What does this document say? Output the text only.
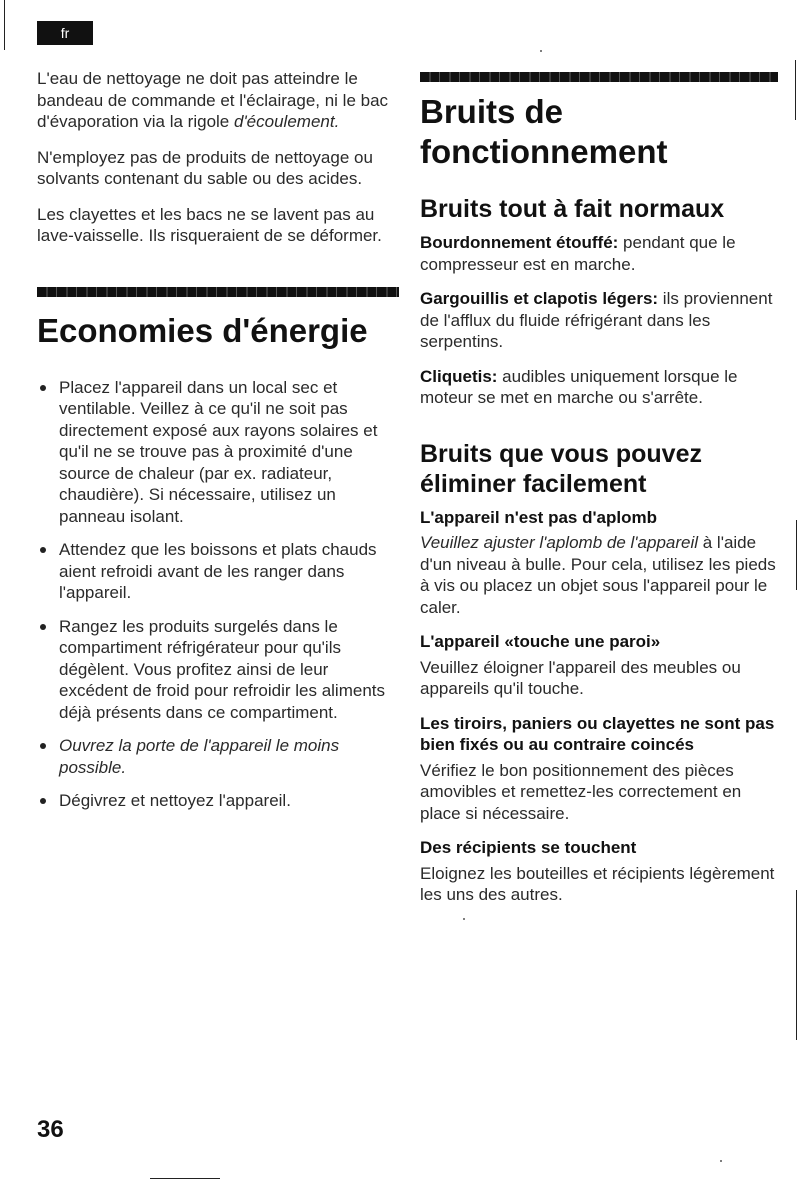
fr

L'eau de nettoyage ne doit pas atteindre le bandeau de commande et l'éclairage, ni le bac d'évaporation via la rigole d'écoulement.

N'employez pas de produits de nettoyage ou solvants contenant du sable ou des acides.

Les clayettes et les bacs ne se lavent pas au lave-vaisselle. Ils risqueraient de se déformer.

Economies d'énergie
Placez l'appareil dans un local sec et ventilable. Veillez à ce qu'il ne soit pas directement exposé aux rayons solaires et qu'il ne se trouve pas à proximité d'une source de chaleur (par ex. radiateur, chaudière). Si nécessaire, utilisez un panneau isolant.
Attendez que les boissons et plats chauds aient refroidi avant de les ranger dans l'appareil.
Rangez les produits surgelés dans le compartiment réfrigérateur pour qu'ils dégèlent. Vous profitez ainsi de leur excédent de froid pour refroidir les aliments déjà présents dans ce compartiment.
Ouvrez la porte de l'appareil le moins possible.
Dégivrez et nettoyez l'appareil.
Bruits de
fonctionnement
Bruits tout à fait normaux
Bourdonnement étouffé: pendant que le compresseur est en marche.
Gargouillis et clapotis légers: ils proviennent de l'afflux du fluide réfrigérant dans les serpentins.
Cliquetis: audibles uniquement lorsque le moteur se met en marche ou s'arrête.
Bruits que vous pouvez
éliminer facilement
L'appareil n'est pas d'aplomb
Veuillez ajuster l'aplomb de l'appareil à l'aide d'un niveau à bulle. Pour cela, utilisez les pieds à vis ou placez un objet sous l'appareil pour le caler.
L'appareil «touche une paroi»
Veuillez éloigner l'appareil des meubles ou appareils qu'il touche.
Les tiroirs, paniers ou clayettes ne sont pas bien fixés ou au contraire coincés
Vérifiez le bon positionnement des pièces amovibles et remettez-les correctement en place si nécessaire.
Des récipients se touchent
Eloignez les bouteilles et récipients légèrement les uns des autres.
36
